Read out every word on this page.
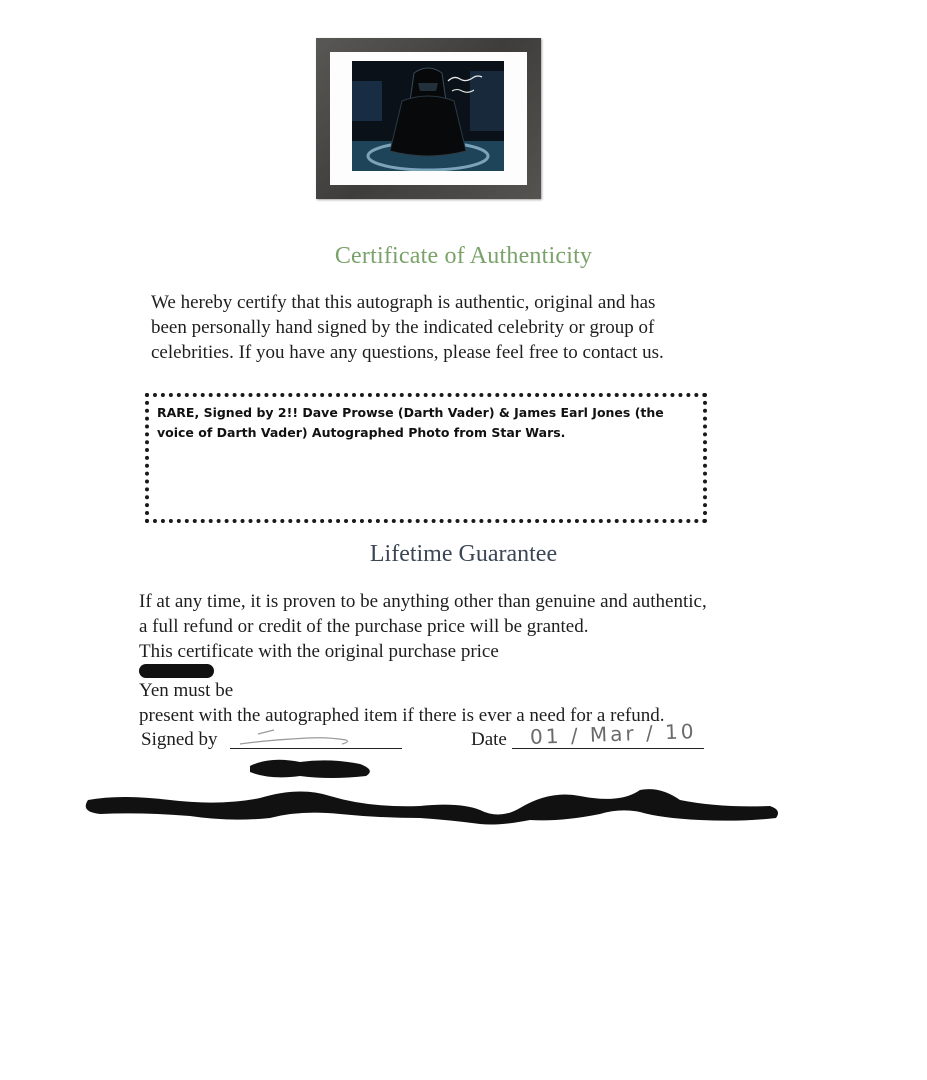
Certificate of Authenticity
We hereby certify that this autograph is authentic, original and has
been personally hand signed by the indicated celebrity or group of
celebrities. If you have any questions, please feel free to contact us.
RARE, Signed by 2!! Dave Prowse (Darth Vader) & James Earl Jones (the voice of Darth Vader) Autographed Photo from Star Wars.
Lifetime Guarantee
If at any time, it is proven to be anything other than genuine and authentic,
a full refund or credit of the purchase price will be granted.
This certificate with the original purchase price
Yen must be
present with the autographed item if there is ever a need for a refund.
Signed by	Date 01 / Mar / 10
